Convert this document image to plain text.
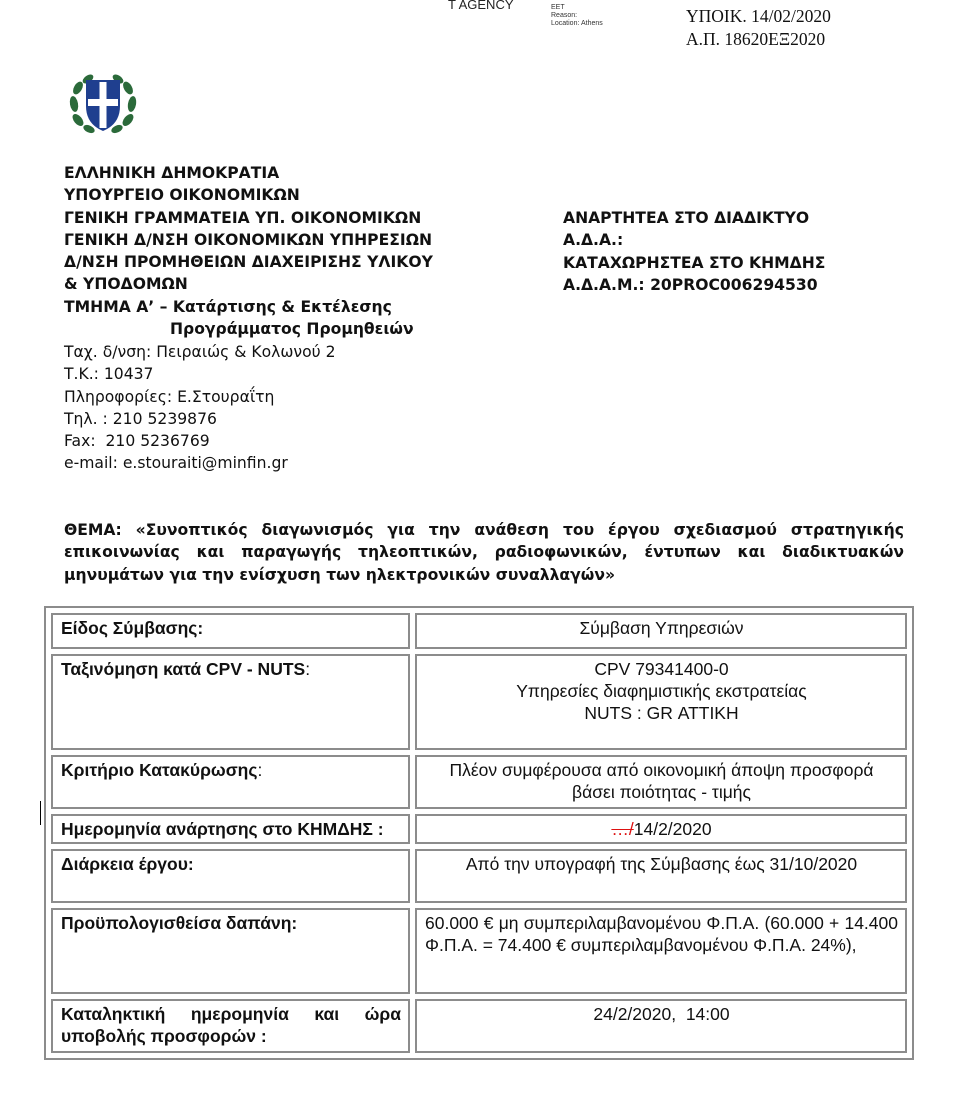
T AGENCY	EET
Reason:
Location: Athens	ΥΠΟΙΚ. 14/02/2020
Α.Π. 18620ΕΞ2020
ΕΛΛΗΝΙΚΗ ΔΗΜΟΚΡΑΤΙΑ
ΥΠΟΥΡΓΕΙΟ ΟΙΚΟΝΟΜΙΚΩΝ
ΓΕΝΙΚΗ ΓΡΑΜΜΑΤΕΙΑ ΥΠ. ΟΙΚΟΝΟΜΙΚΩΝ
ΓΕΝΙΚΗ Δ/ΝΣΗ ΟΙΚΟΝΟΜΙΚΩΝ ΥΠΗΡΕΣΙΩΝ
Δ/ΝΣΗ ΠΡΟΜΗΘΕΙΩΝ ΔΙΑΧΕΙΡΙΣΗΣ ΥΛΙΚΟΥ
& ΥΠΟΔΟΜΩΝ
ΤΜΗΜΑ Α’ – Κατάρτισης & Εκτέλεσης
Προγράμματος Προμηθειών
Ταχ. δ/νση: Πειραιώς & Κολωνού 2
Τ.Κ.: 10437
Πληροφορίες: Ε.Στουραΐτη
Τηλ. : 210 5239876
Fax:  210 5236769
e-mail: e.stouraiti@minfin.gr
ΑΝΑΡΤΗΤΕΑ ΣΤΟ ΔΙΑΔΙΚΤΥΟ
Α.Δ.Α.:
ΚΑΤΑΧΩΡΗΣΤΕΑ ΣΤΟ ΚΗΜΔΗΣ
Α.Δ.Α.Μ.: 20PROC006294530
ΘΕΜΑ: «Συνοπτικός διαγωνισμός για την ανάθεση του έργου σχεδιασμού στρατηγικής επικοινωνίας και παραγωγής τηλεοπτικών, ραδιοφωνικών, έντυπων και διαδικτυακών μηνυμάτων για την ενίσχυση των ηλεκτρονικών συναλλαγών»
Είδος Σύμβασης:	Σύμβαση Υπηρεσιών
Ταξινόμηση κατά CPV - NUTS:	CPV 79341400-0
Υπηρεσίες διαφημιστικής εκστρατείας
NUTS : GR ΑΤΤΙΚΗ

Κριτήριο Κατακύρωσης:	Πλέον συμφέρουσα από οικονομική άποψη προσφορά
βάσει ποιότητας - τιμής

Ημερομηνία ανάρτησης στο ΚΗΜΔΗΣ :	…/14/2/2020
Διάρκεια έργου:	Από την υπογραφή της Σύμβασης έως 31/10/2020
Προϋπολογισθείσα δαπάνη:	60.000 € μη συμπεριλαμβανομένου Φ.Π.Α. (60.000 + 14.400 Φ.Π.Α. = 74.400 € συμπεριλαμβανομένου Φ.Π.Α. 24%),

Καταληκτική ημερομηνία και ώρα
υποβολής προσφορών :	24/2/2020,  14:00
